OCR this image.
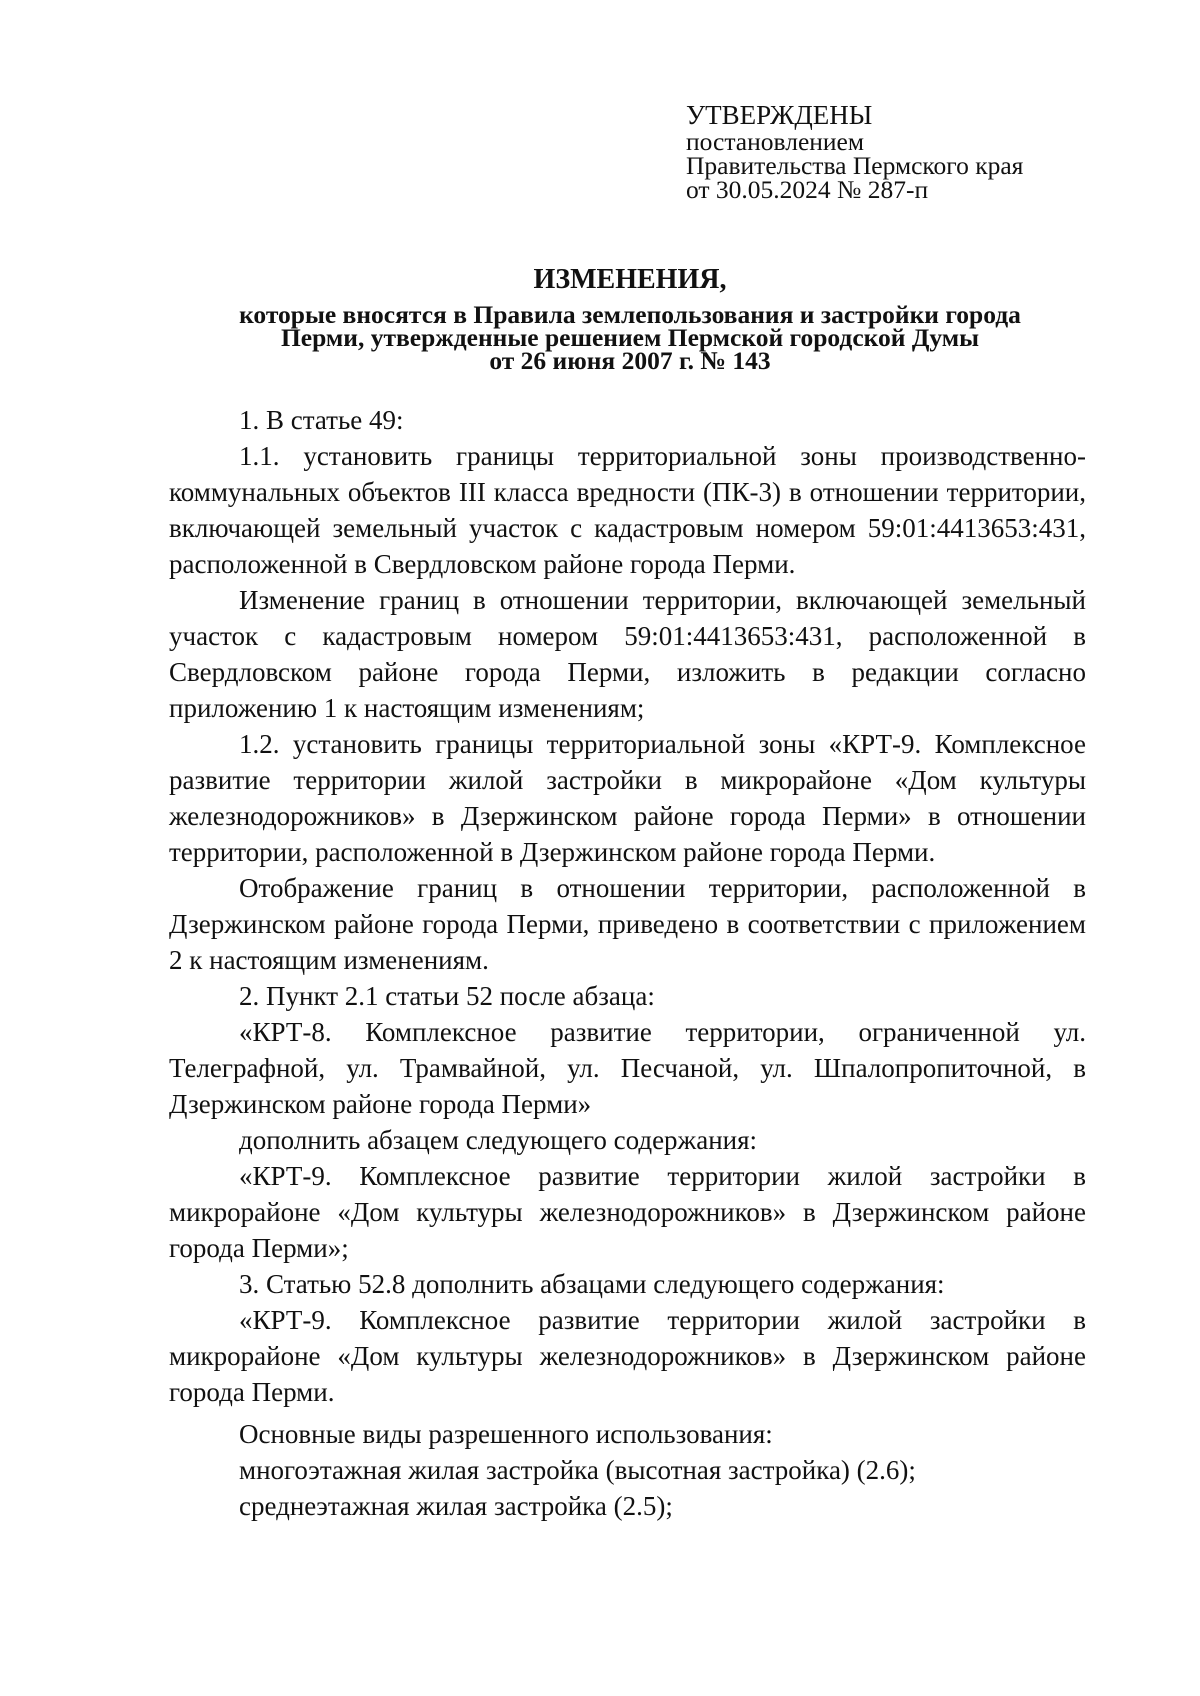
УТВЕРЖДЕНЫ
постановлением
Правительства Пермского края
от 30.05.2024 № 287-п
ИЗМЕНЕНИЯ,
которые вносятся в Правила землепользования и застройки города
Перми, утвержденные решением Пермской городской Думы
от 26 июня 2007 г. № 143

1. В статье 49:

1.1. установить границы территориальной зоны производственно-коммунальных объектов III класса вредности (ПК-3) в отношении территории, включающей земельный участок с кадастровым номером 59:01:4413653:431, расположенной в Свердловском районе города Перми.

Изменение границ в отношении территории, включающей земельный участок с кадастровым номером 59:01:4413653:431, расположенной в Свердловском районе города Перми, изложить в редакции согласно приложению 1 к настоящим изменениям;

1.2. установить границы территориальной зоны «КРТ-9. Комплексное развитие территории жилой застройки в микрорайоне «Дом культуры железнодорожников» в Дзержинском районе города Перми» в отношении территории, расположенной в Дзержинском районе города Перми.

Отображение границ в отношении территории, расположенной в Дзержинском районе города Перми, приведено в соответствии с приложением 2 к настоящим изменениям.

2. Пункт 2.1 статьи 52 после абзаца:

«КРТ-8. Комплексное развитие территории, ограниченной ул. Телеграфной, ул. Трамвайной, ул. Песчаной, ул. Шпалопропиточной, в Дзержинском районе города Перми»

дополнить абзацем следующего содержания:

«КРТ-9. Комплексное развитие территории жилой застройки в микрорайоне «Дом культуры железнодорожников» в Дзержинском районе города Перми»;

3. Статью 52.8 дополнить абзацами следующего содержания:

«КРТ-9. Комплексное развитие территории жилой застройки в микрорайоне «Дом культуры железнодорожников» в Дзержинском районе города Перми.

Основные виды разрешенного использования:

многоэтажная жилая застройка (высотная застройка) (2.6);

среднеэтажная жилая застройка (2.5);
